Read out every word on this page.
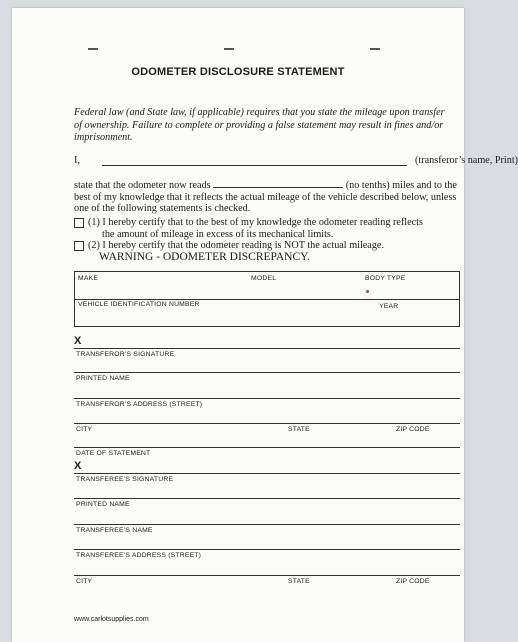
ODOMETER DISCLOSURE STATEMENT
Federal law (and State law, if applicable) requires that you state the mileage upon transfer of ownership. Failure to complete or providing a false statement may result in fines and/or imprisonment.
I,	(transferor’s name, Print)
state that the odometer now reads	(no tenths) miles and to the best of my knowledge that it reflects the actual mileage of the vehicle described below, unless one of the following statements is checked.
(1) I hereby certify that to the best of my knowledge the odometer reading reflects
the amount of mileage in excess of its mechanical limits.
(2) I hereby certify that the odometer reading is NOT the actual mileage.
WARNING - ODOMETER DISCREPANCY.
MAKE	MODEL	BODY TYPE
VEHICLE IDENTIFICATION NUMBER	YEAR
X
TRANSFEROR’S SIGNATURE
PRINTED NAME
TRANSFEROR’S ADDRESS (STREET)
CITY	STATE	ZIP CODE
DATE OF STATEMENT
X
TRANSFEREE’S SIGNATURE
PRINTED NAME
TRANSFEREE’S NAME
TRANSFEREE’S ADDRESS (STREET)
CITY	STATE	ZIP CODE
www.carlotsupplies.com
